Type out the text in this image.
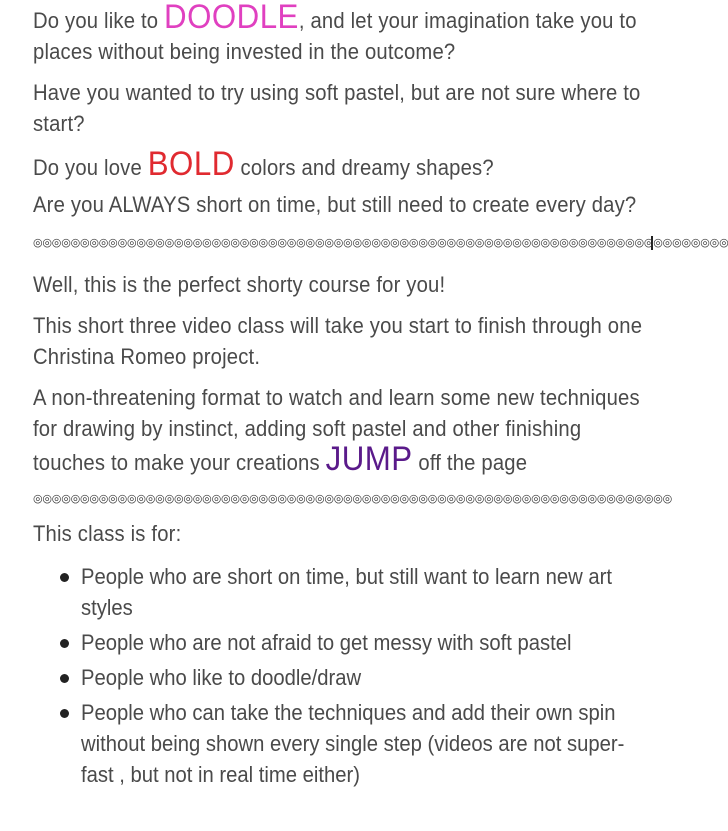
Do you like to DOODLE, and let your imagination take you to places without being invested in the outcome?

Have you wanted to try using soft pastel, but are not sure where to start?

Do you love BOLD colors and dreamy shapes?

Are you ALWAYS short on time, but still need to create every day?

◎◎◎◎◎◎◎◎◎◎◎◎◎◎◎◎◎◎◎◎◎◎◎◎◎◎◎◎◎◎◎◎◎◎◎◎◎◎◎◎◎◎◎◎◎◎◎◎◎◎◎◎◎◎◎◎◎◎◎◎◎◎◎◎◎◎◎◎◎◎◎◎◎◎

Well, this is the perfect shorty course for you!

This short three video class will take you start to finish through one Christina Romeo project.

A non-threatening format to watch and learn some new techniques for drawing by instinct, adding soft pastel and other finishing touches to make your creations JUMP off the page

◎◎◎◎◎◎◎◎◎◎◎◎◎◎◎◎◎◎◎◎◎◎◎◎◎◎◎◎◎◎◎◎◎◎◎◎◎◎◎◎◎◎◎◎◎◎◎◎◎◎◎◎◎◎◎◎◎◎◎◎◎◎◎◎◎◎◎◎

This class is for:

People who are short on time, but still want to learn new art styles
People who are not afraid to get messy with soft pastel
People who like to doodle/draw
People who can take the techniques and add their own spin without being shown every single step (videos are not super-fast , but not in real time either)
